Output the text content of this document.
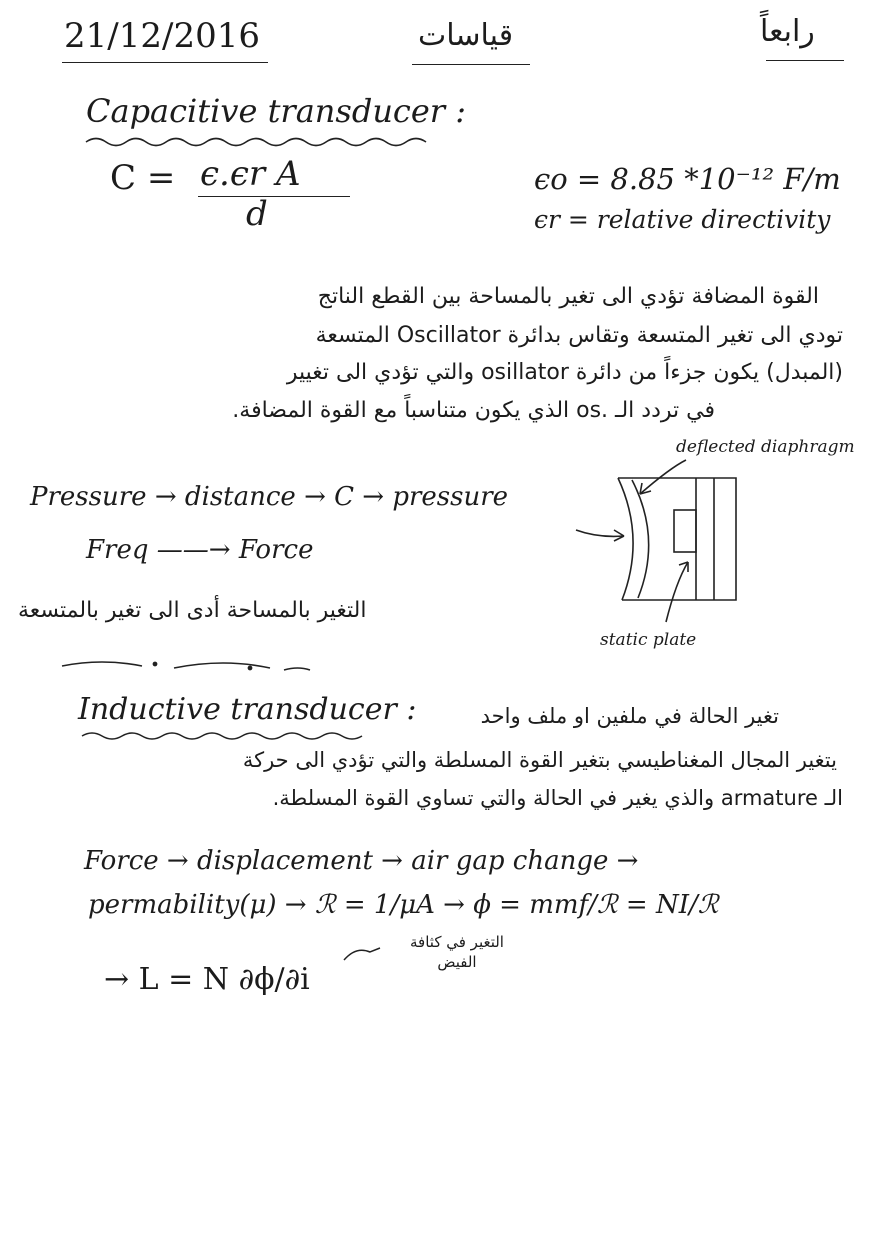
21/12/2016	قياسات	رابعاً
Capacitive transducer :
C = ϵ.ϵr A
d
ϵo = 8.85 *10⁻¹² F/m
ϵr = relative directivity
القوة المضافة تؤدي الى تغير بالمساحة بين القطع الناتج
تودي الى تغير المتسعة وتقاس بدائرة Oscillator المتسعة
(المبدل) يكون جزءاً من دائرة osillator والتي تؤدي الى تغيير
في تردد الـ .os الذي يكون متناسباً مع القوة المضافة.
Pressure → distance → C → pressure
Freq ——→ Force
التغير بالمساحة أدى الى تغير بالمتسعة
deflected diaphragm
static plate
Inductive transducer :	تغير الحالة في ملفين او ملف واحد
يتغير المجال المغناطيسي بتغير القوة المسلطة والتي تؤدي الى حركة
الـ armature والذي يغير في الحالة والتي تساوي القوة المسلطة.
Force → displacement → air gap change →
permability(μ) → ℛ = 1/μA → ϕ = mmf/ℛ = NI/ℛ
→ L = N ∂ϕ/∂i
التغير في كثافة الفيض
